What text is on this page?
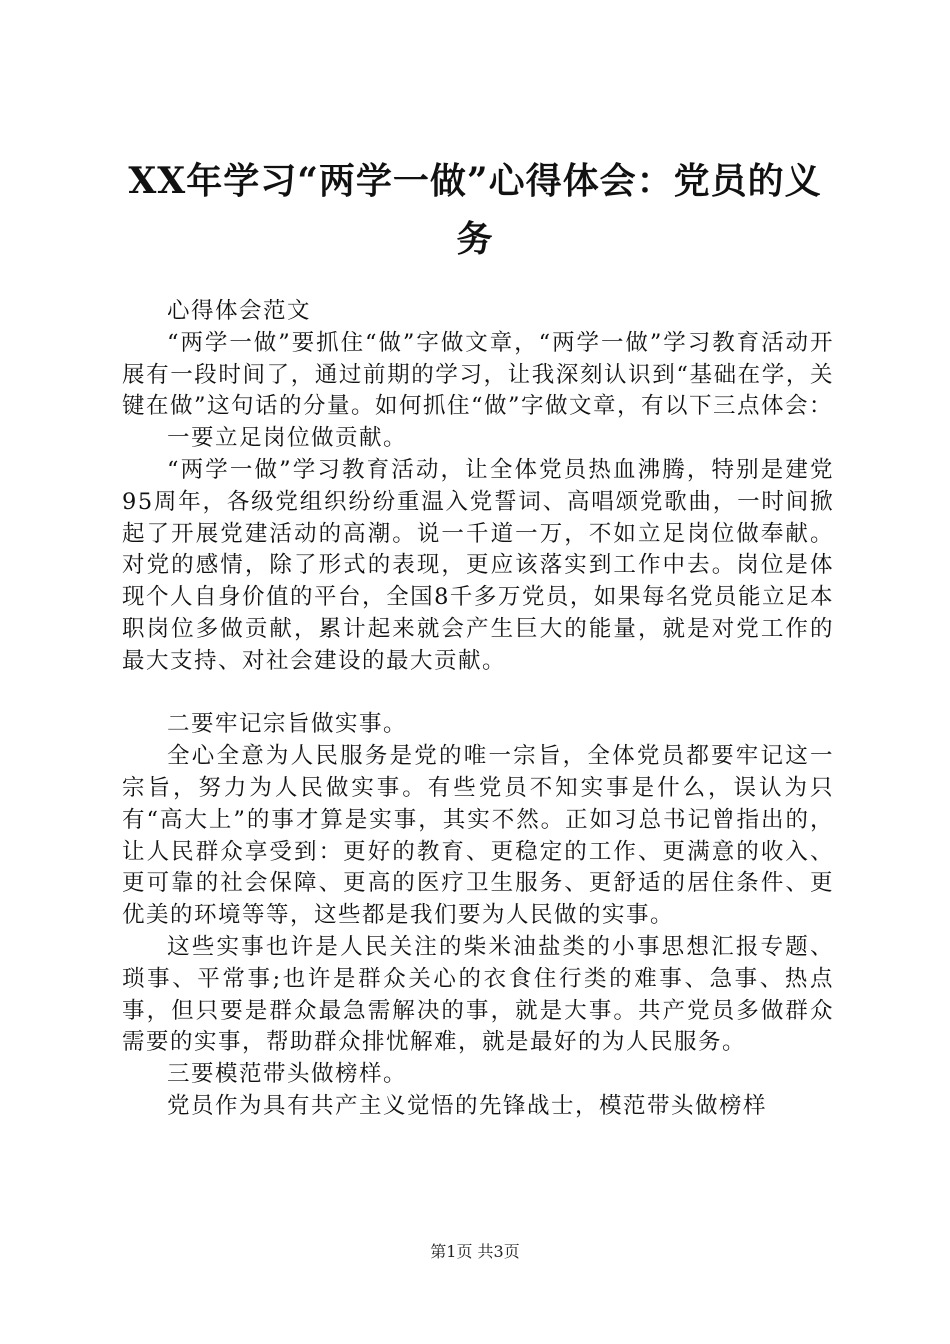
XX年学习“两学一做”心得体会：党员的义务

心得体会范文

“两学一做”要抓住“做”字做文章，“两学一做”学习教育活动开展有一段时间了，通过前期的学习，让我深刻认识到“基础在学，关键在做”这句话的分量。如何抓住“做”字做文章，有以下三点体会：

一要立足岗位做贡献。

“两学一做”学习教育活动，让全体党员热血沸腾，特别是建党95周年，各级党组织纷纷重温入党誓词、高唱颂党歌曲，一时间掀起了开展党建活动的高潮。说一千道一万，不如立足岗位做奉献。对党的感情，除了形式的表现，更应该落实到工作中去。岗位是体现个人自身价值的平台，全国8千多万党员，如果每名党员能立足本职岗位多做贡献，累计起来就会产生巨大的能量，就是对党工作的最大支持、对社会建设的最大贡献。

二要牢记宗旨做实事。

全心全意为人民服务是党的唯一宗旨，全体党员都要牢记这一宗旨，努力为人民做实事。有些党员不知实事是什么，误认为只有“高大上”的事才算是实事，其实不然。正如习总书记曾指出的，让人民群众享受到：更好的教育、更稳定的工作、更满意的收入、更可靠的社会保障、更高的医疗卫生服务、更舒适的居住条件、更优美的环境等等，这些都是我们要为人民做的实事。

这些实事也许是人民关注的柴米油盐类的小事思想汇报专题、琐事、平常事;也许是群众关心的衣食住行类的难事、急事、热点事，但只要是群众最急需解决的事，就是大事。共产党员多做群众需要的实事，帮助群众排忧解难，就是最好的为人民服务。

三要模范带头做榜样。

党员作为具有共产主义觉悟的先锋战士，模范带头做榜样

第1页 共3页
